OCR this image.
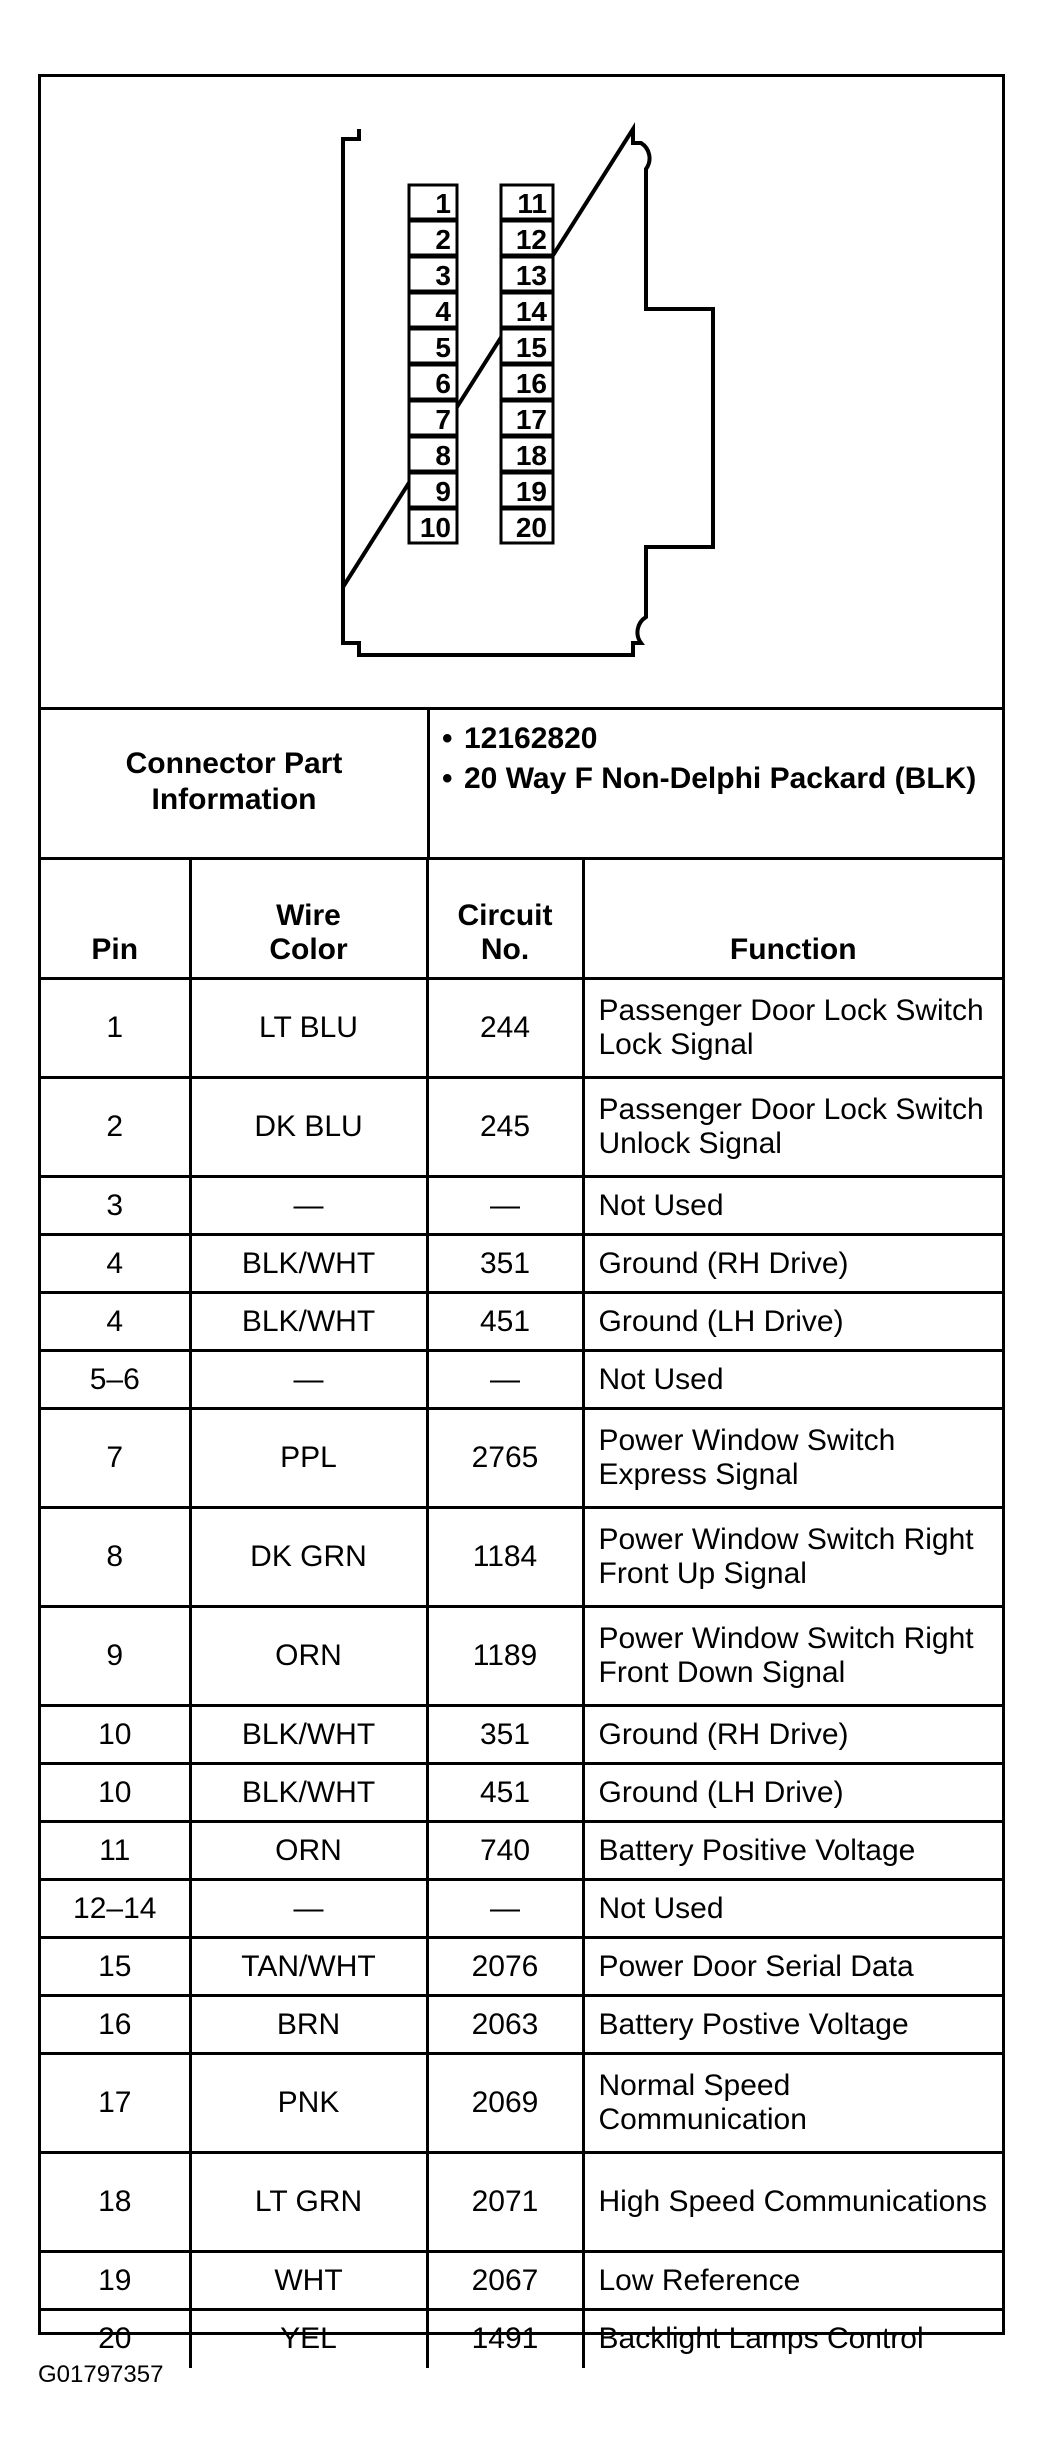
1
2
3
4
5
6
7
8
9
10
11
12
13
14
15
16
17
18
19
20
Connector Part Information
• 12162820
• 20 Way F Non-Delphi Packard (BLK)
Pin	Wire Color	Circuit No.	Function
1	LT BLU	244	Passenger Door Lock Switch Lock Signal
2	DK BLU	245	Passenger Door Lock Switch Unlock Signal
3	—	—	Not Used
4	BLK/WHT	351	Ground (RH Drive)
4	BLK/WHT	451	Ground (LH Drive)
5–6	—	—	Not Used
7	PPL	2765	Power Window Switch Express Signal
8	DK GRN	1184	Power Window Switch Right Front Up Signal
9	ORN	1189	Power Window Switch Right Front Down Signal
10	BLK/WHT	351	Ground (RH Drive)
10	BLK/WHT	451	Ground (LH Drive)
11	ORN	740	Battery Positive Voltage
12–14	—	—	Not Used
15	TAN/WHT	2076	Power Door Serial Data
16	BRN	2063	Battery Postive Voltage
17	PNK	2069	Normal Speed Communication
18	LT GRN	2071	High Speed Communications
19	WHT	2067	Low Reference
20	YEL	1491	Backlight Lamps Control
G01797357
